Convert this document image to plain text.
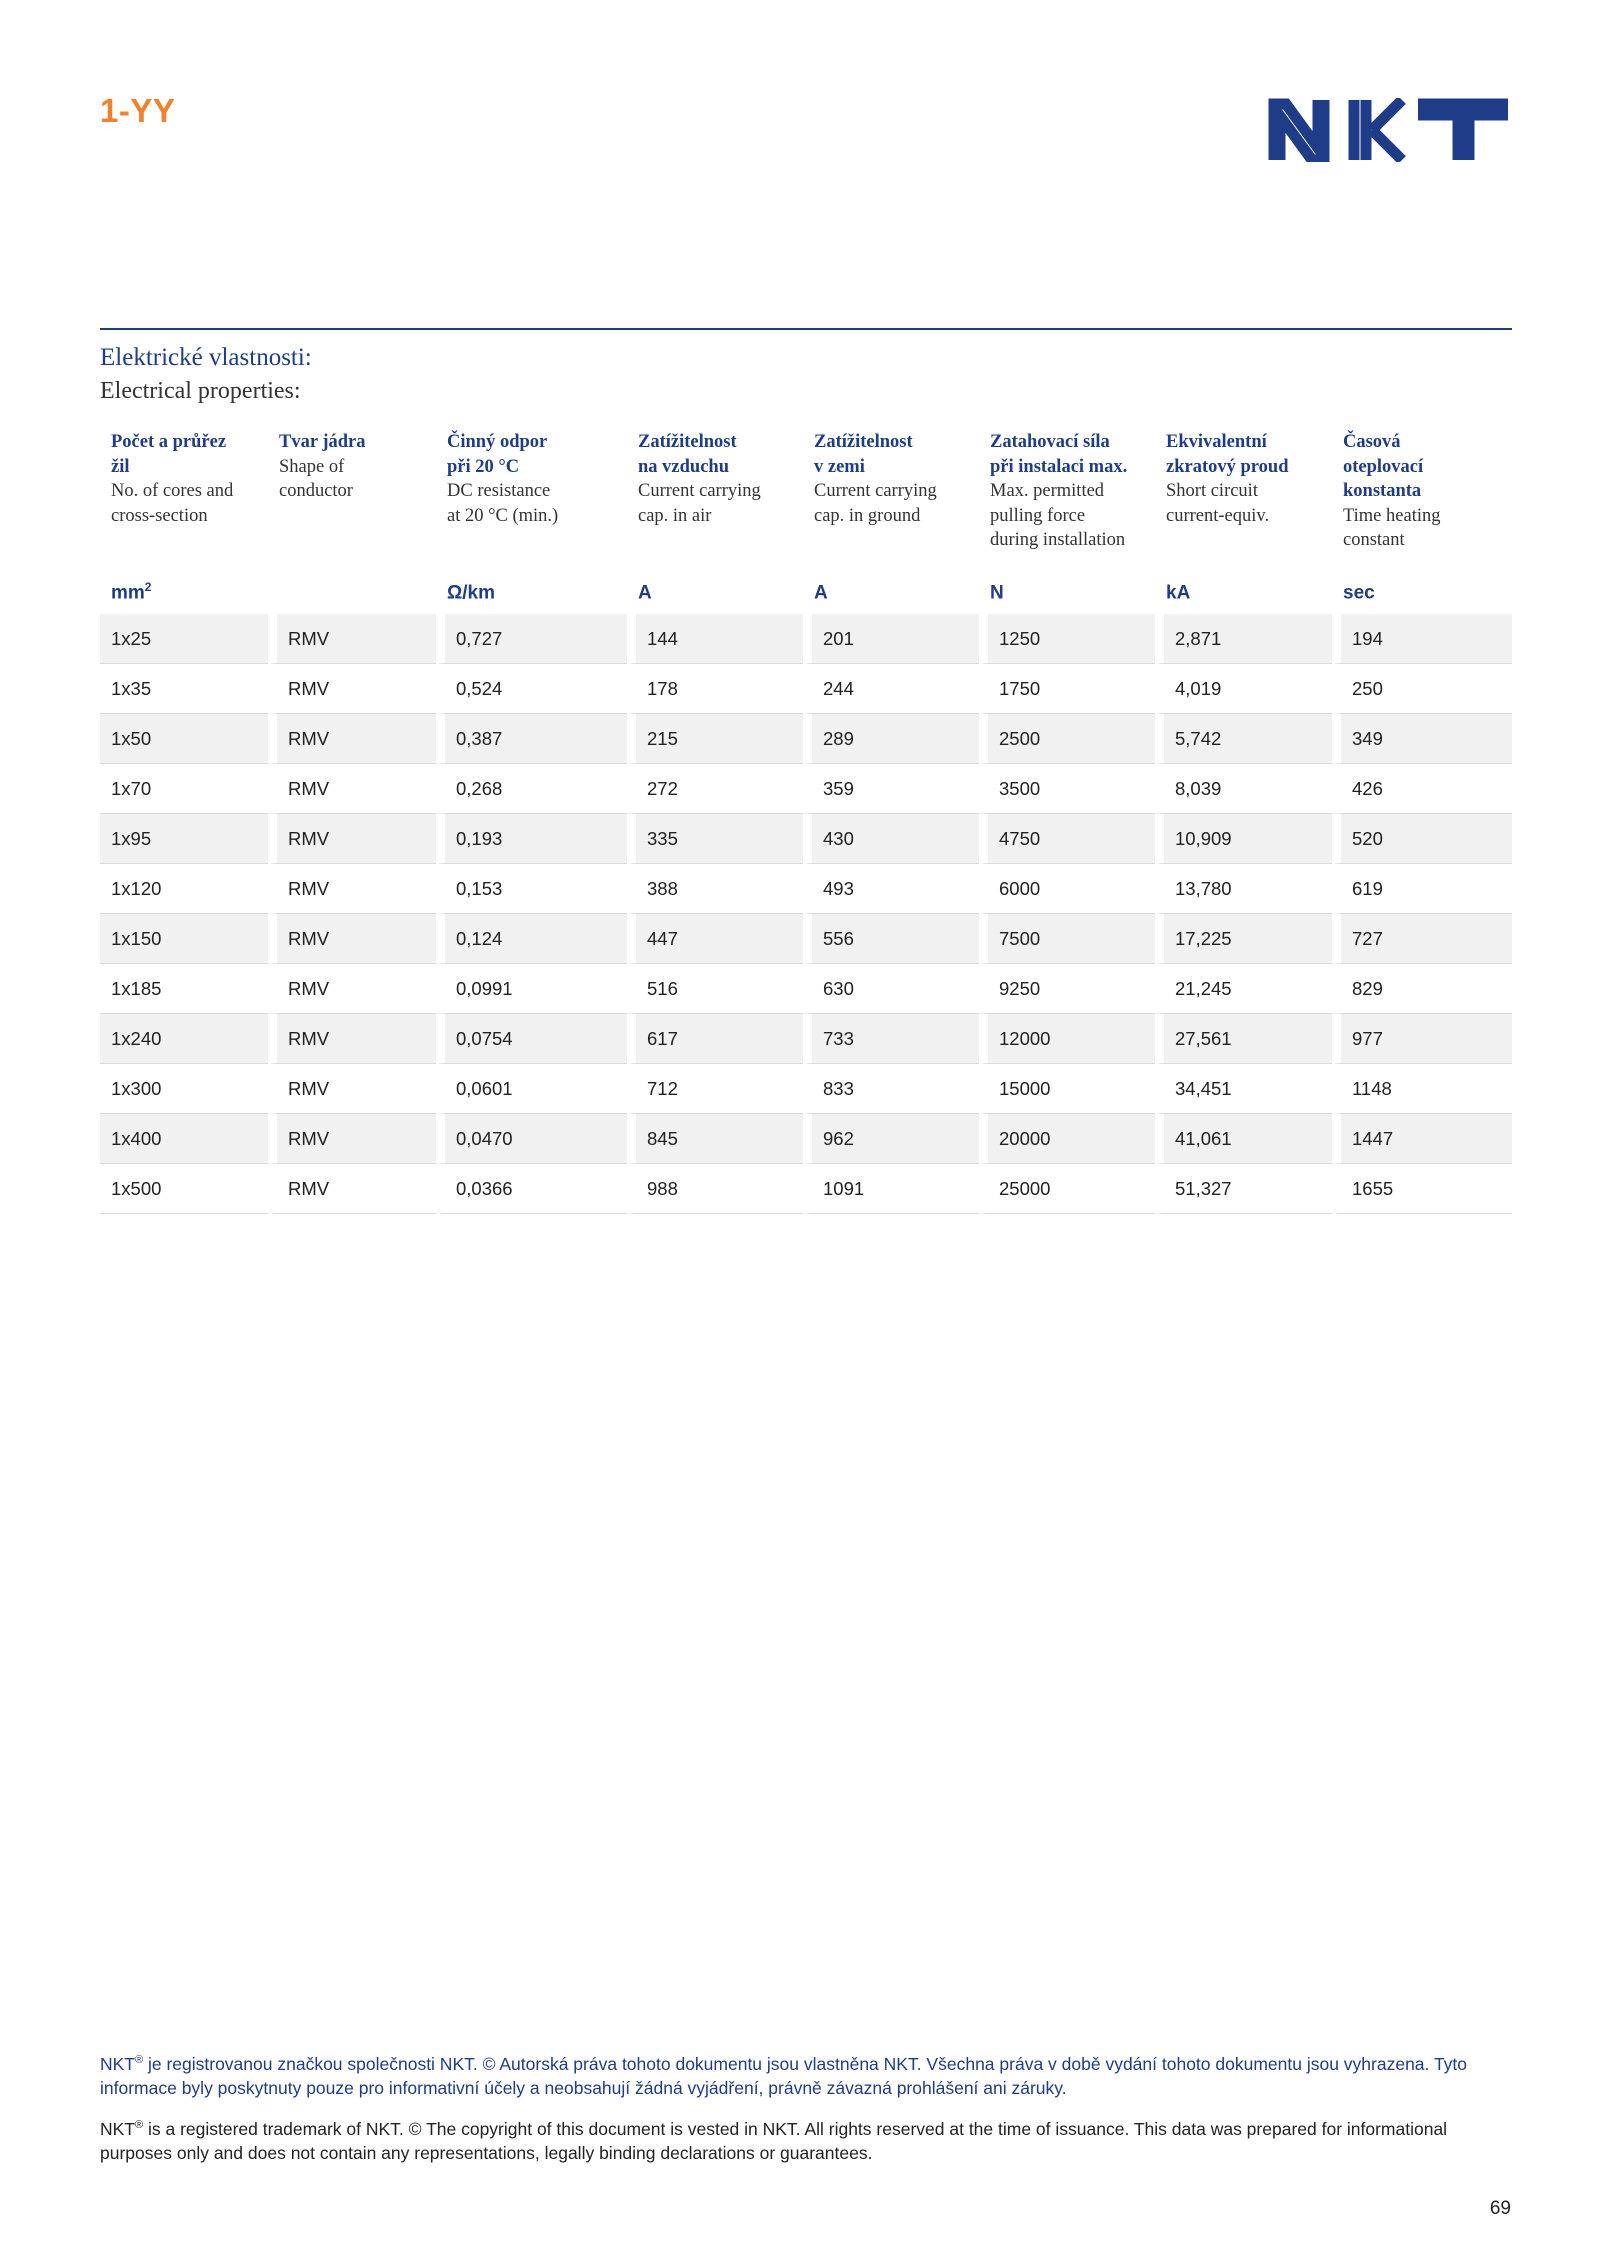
1-YY
Elektrické vlastnosti:
Electrical properties:
Počet a průřez
žil
No. of cores and
cross-section	Tvar jádra
Shape of
conductor	Činný odpor
při 20 °C
DC resistance
at 20 °C (min.)	Zatížitelnost
na vzduchu
Current carrying
cap. in air	Zatížitelnost
v zemi
Current carrying
cap. in ground	Zatahovací síla
při instalaci max.
Max. permitted
pulling force
during installation	Ekvivalentní
zkratový proud
Short circuit
current-equiv.	Časová
oteplovací
konstanta
Time heating
constant

$mm^2$		Ω/km	A	A	N	kA	sec
1x25	RMV	0,727	144	201	1250	2,871	194
1x35	RMV	0,524	178	244	1750	4,019	250
1x50	RMV	0,387	215	289	2500	5,742	349
1x70	RMV	0,268	272	359	3500	8,039	426
1x95	RMV	0,193	335	430	4750	10,909	520
1x120	RMV	0,153	388	493	6000	13,780	619
1x150	RMV	0,124	447	556	7500	17,225	727
1x185	RMV	0,0991	516	630	9250	21,245	829
1x240	RMV	0,0754	617	733	12000	27,561	977
1x300	RMV	0,0601	712	833	15000	34,451	1148
1x400	RMV	0,0470	845	962	20000	41,061	1447
1x500	RMV	0,0366	988	1091	25000	51,327	1655
NKT® je registrovanou značkou společnosti NKT. © Autorská práva tohoto dokumentu jsou vlastněna NKT. Všechna práva v době vydání tohoto dokumentu jsou vyhrazena. Tyto informace byly poskytnuty pouze pro informativní účely a neobsahují žádná vyjádření, právně závazná prohlášení ani záruky.
NKT® is a registered trademark of NKT. © The copyright of this document is vested in NKT. All rights reserved at the time of issuance. This data was prepared for informational purposes only and does not contain any representations, legally binding declarations or guarantees.
69
